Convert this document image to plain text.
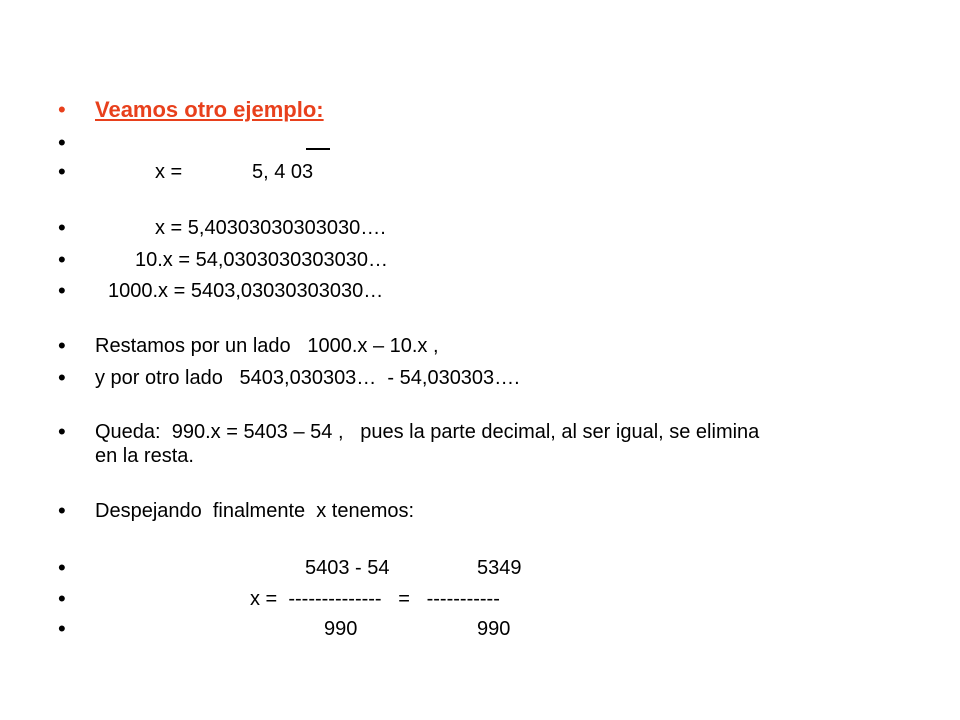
• Veamos otro ejemplo:
•
•	x =	5, 4 03
•	x = 5,40303030303030….
•	10.x = 54,0303030303030…
• 1000.x = 5403,03030303030…
• Restamos por un lado   1000.x – 10.x ,
• y por otro lado   5403,030303…  - 54,030303….
• Queda:  990.x = 5403 – 54 ,   pues la parte decimal, al ser igual, se elimina
en la resta.
• Despejando  finalmente  x tenemos:
•	5403 - 54	5349
•	x =  --------------   =   -----------
•	990	990
